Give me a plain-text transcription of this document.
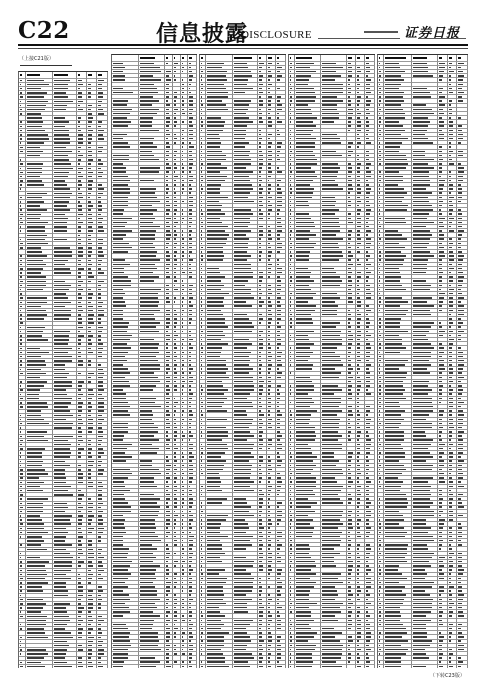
C22	信息披露
DISCLOSURE	证券日报
（上接C21版）
（下转C23版）
